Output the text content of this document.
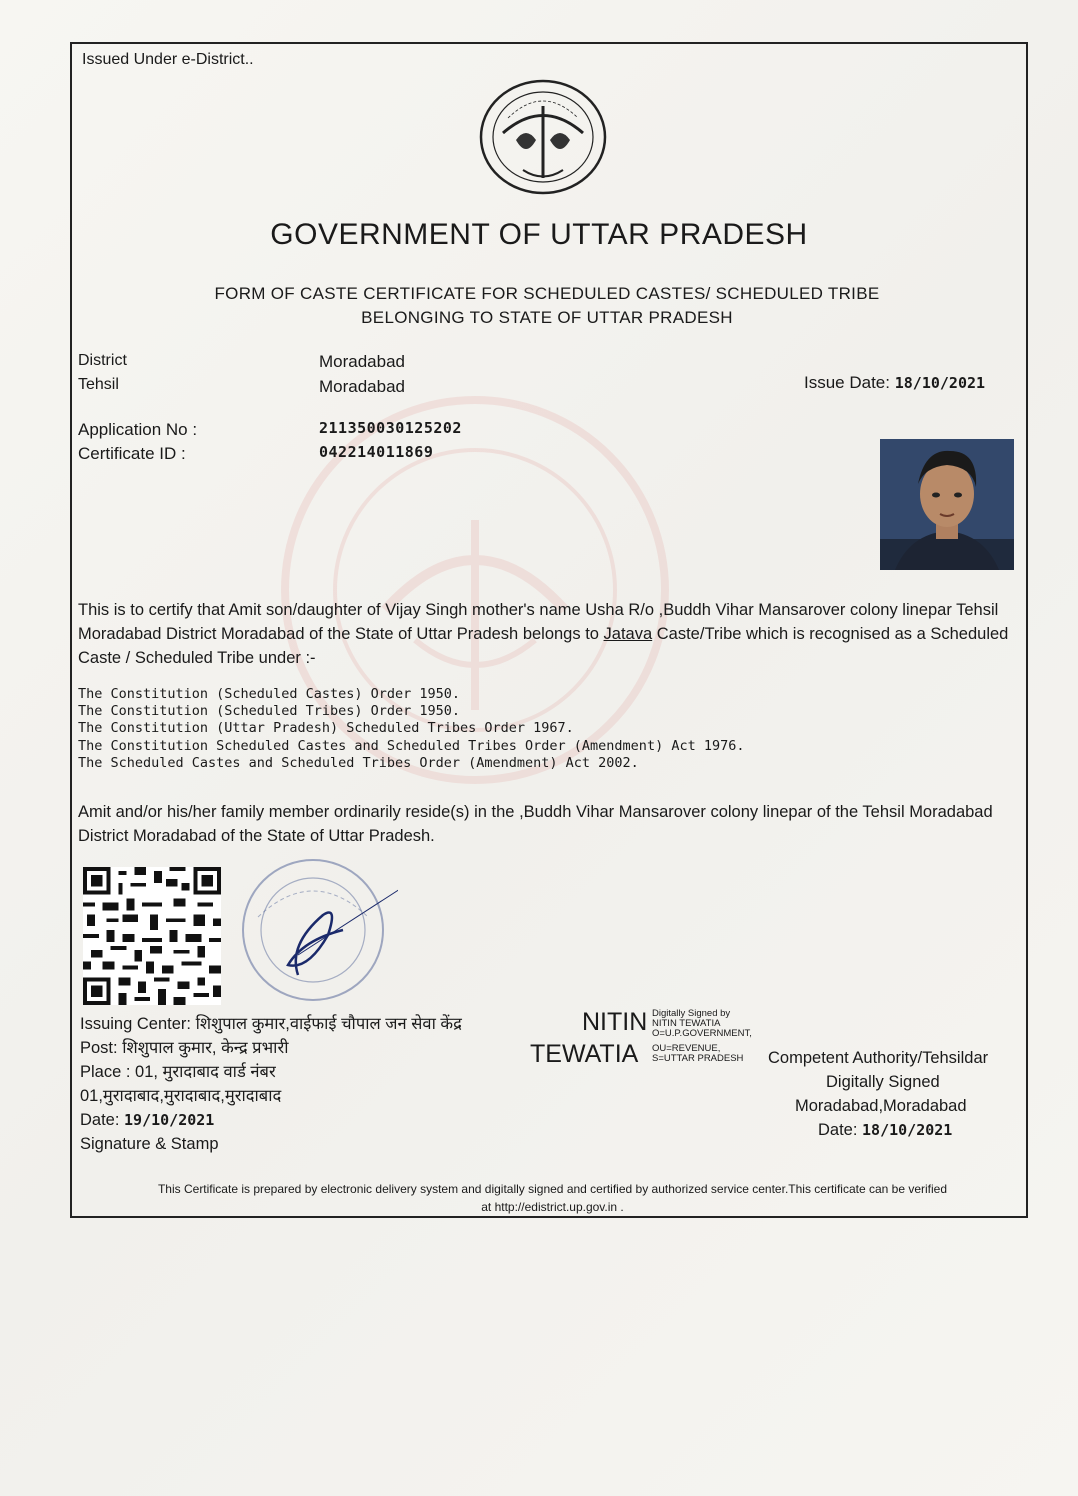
Issued Under e-District..
GOVERNMENT OF UTTAR PRADESH
FORM OF CASTE CERTIFICATE FOR SCHEDULED CASTES/ SCHEDULED TRIBE
BELONGING TO STATE OF UTTAR PRADESH
District	Moradabad
Tehsil	Moradabad	Issue Date: 18/10/2021
Application No :	211350030125202
Certificate ID :	042214011869
This is to certify that Amit son/daughter of Vijay Singh mother's name Usha R/o ,Buddh Vihar Mansarover colony linepar Tehsil Moradabad District Moradabad of the State of Uttar Pradesh belongs to Jatava Caste/Tribe which is recognised as a Scheduled Caste / Scheduled Tribe under :-
The Constitution (Scheduled Castes) Order 1950.
The Constitution (Scheduled Tribes) Order 1950.
The Constitution (Uttar Pradesh) Scheduled Tribes Order 1967.
The Constitution Scheduled Castes and Scheduled Tribes Order (Amendment) Act 1976.
The Scheduled Castes and Scheduled Tribes Order (Amendment) Act 2002.
Amit and/or his/her family member ordinarily reside(s) in the ,Buddh Vihar Mansarover colony linepar of the Tehsil Moradabad District Moradabad of the State of Uttar Pradesh.
Issuing Center: शिशुपाल कुमार,वाईफाई चौपाल जन सेवा केंद्र
Post: शिशुपाल कुमार, केन्द्र प्रभारी
Place : 01, मुरादाबाद वार्ड नंबर
01,मुरादाबाद,मुरादाबाद,मुरादाबाद
Date: 19/10/2021
Signature & Stamp
NITIN
TEWATIA
Digitally Signed by
NITIN TEWATIA
O=U.P.GOVERNMENT,
OU=REVENUE,
S=UTTAR PRADESH Competent Authority/Tehsildar
Digitally Signed
Moradabad,Moradabad
Date: 18/10/2021
This Certificate is prepared by electronic delivery system and digitally signed and certified by authorized service center.This certificate can be verified
at http://edistrict.up.gov.in .
